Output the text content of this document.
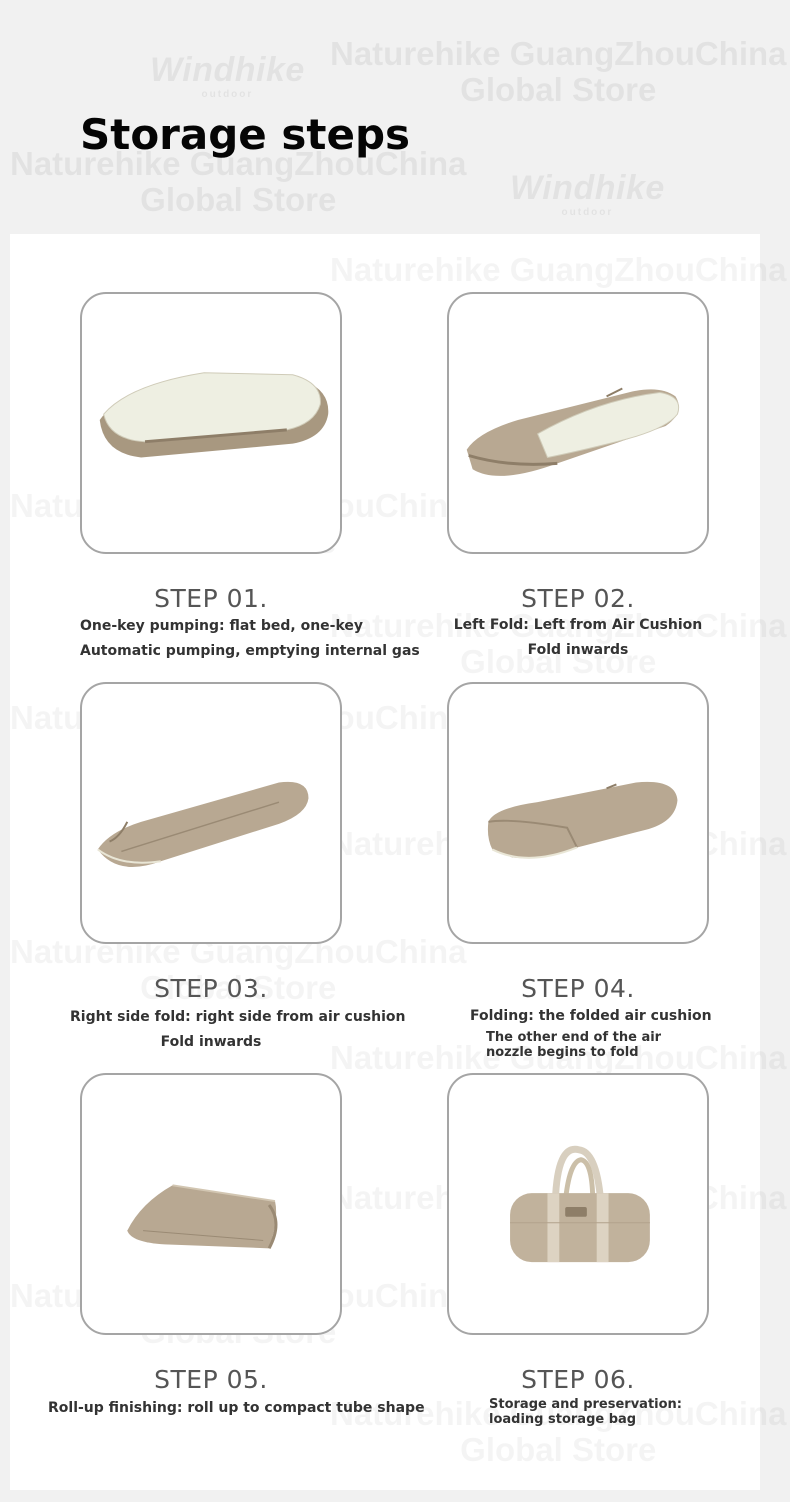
Naturehike GuangZhouChina
Global Store
Windhike
outdoor
Naturehike GuangZhouChina
Global Store	Windhike
outdoor
Storage steps

STEP 01.
One-key pumping: flat bed, one-key
Automatic pumping, emptying internal gas
STEP 02.
Left Fold: Left from Air Cushion
Fold inwards
STEP 03.
Right side fold: right side from air cushion
Fold inwards
STEP 04.
Folding: the folded air cushion
The other end of the air nozzle begins to fold
STEP 05.
Roll-up finishing: roll up to compact tube shape
STEP 06.
Storage and preservation: loading storage bag
